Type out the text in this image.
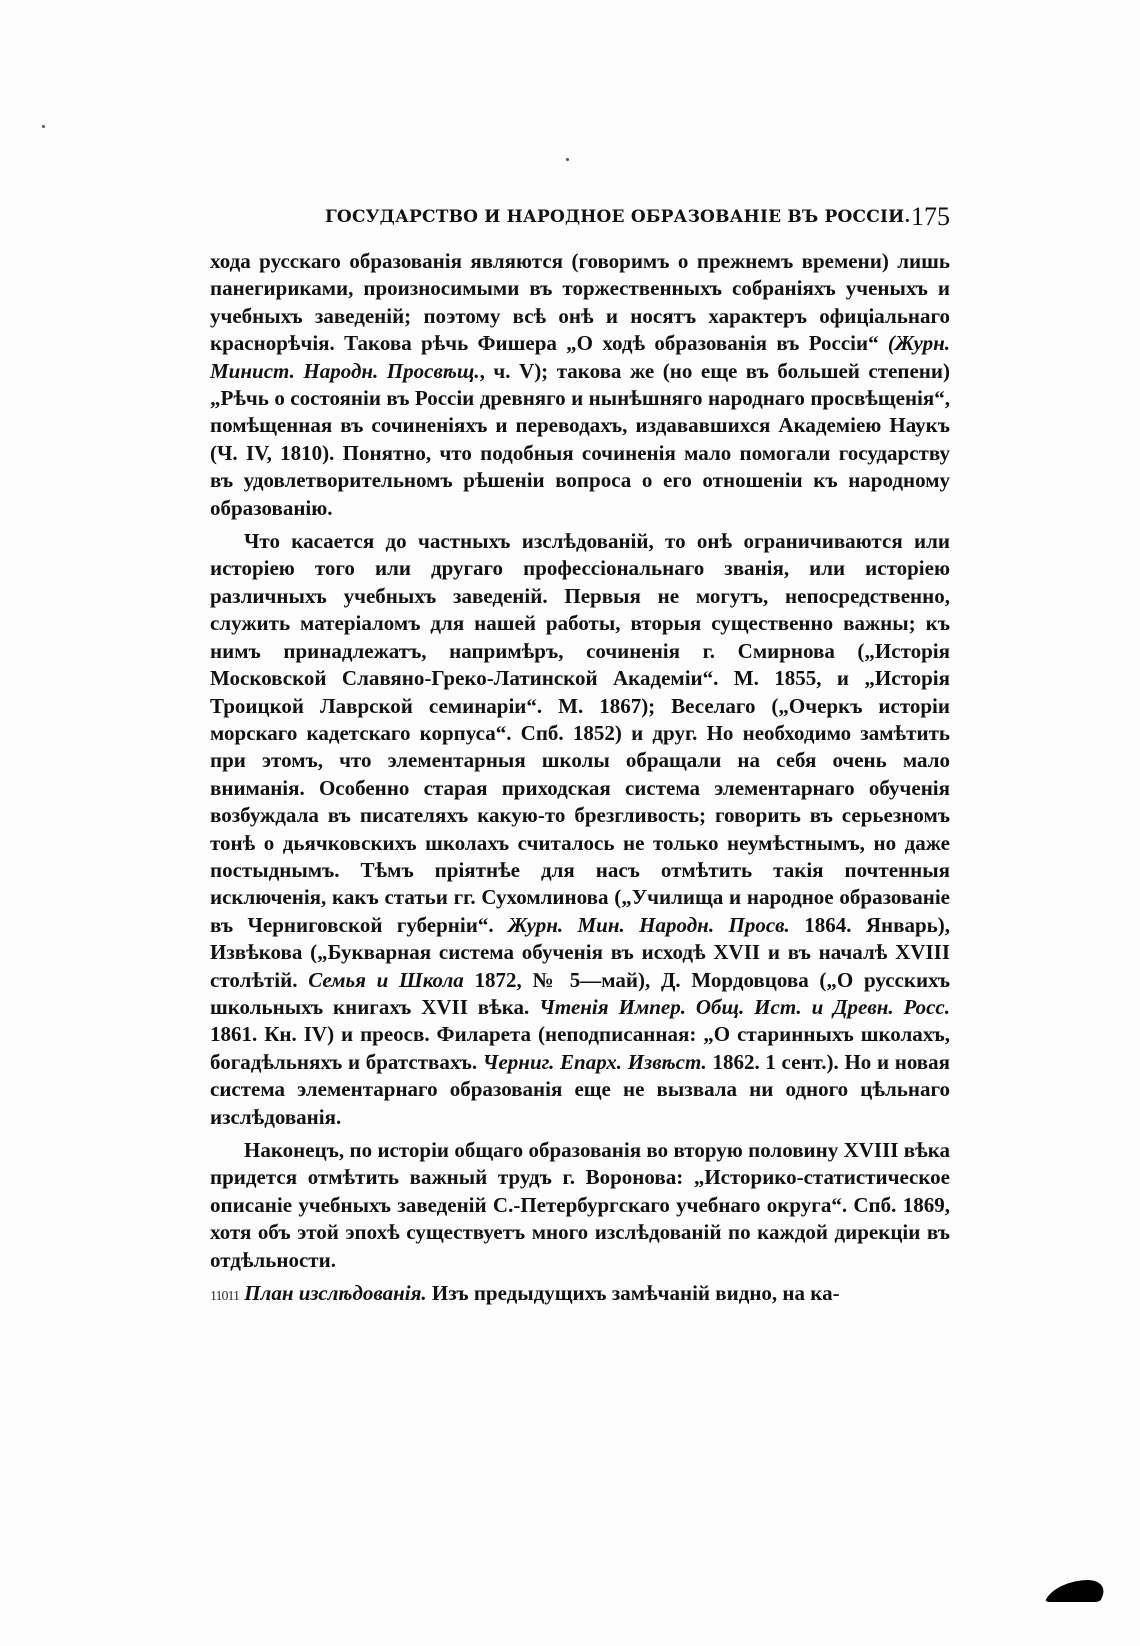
ГОСУДАРСТВО И НАРОДНОЕ ОБРАЗОВАНІЕ ВЪ РОССІИ. 175

хода русскаго образованія являются (говоримъ о прежнемъ времени) лишь панегириками, произносимыми въ торжественныхъ собраніяхъ ученыхъ и учебныхъ заведеній; поэтому всѣ онѣ и носятъ характеръ офиціальнаго краснорѣчія. Такова рѣчь Фишера „О ходѣ образованія въ Россіи“ (Журн. Минист. Народн. Просвѣщ., ч. V); такова же (но еще въ большей степени) „Рѣчь о состояніи въ Россіи древняго и нынѣшняго народнаго просвѣщенія“, помѣщенная въ сочиненіяхъ и переводахъ, издававшихся Академіею Наукъ (Ч. IV, 1810). Понятно, что подобныя сочиненія мало помогали государству въ удовлетворительномъ рѣшеніи вопроса о его отношеніи къ народному образованію.

Что касается до частныхъ изслѣдованій, то онѣ ограничиваются или исторіею того или другаго профессіональнаго званія, или исторіею различныхъ учебныхъ заведеній. Первыя не могутъ, непосредственно, служить матеріаломъ для нашей работы, вторыя существенно важны; къ нимъ принадлежатъ, напримѣръ, сочиненія г. Смирнова („Исторія Московской Славяно-Греко-Латинской Академіи“. М. 1855, и „Исторія Троицкой Лаврской семинаріи“. М. 1867); Веселаго („Очеркъ исторіи морскаго кадетскаго корпуса“. Спб. 1852) и друг. Но необходимо замѣтить при этомъ, что элементарныя школы обращали на себя очень мало вниманія. Особенно старая приходская система элементарнаго обученія возбуждала въ писателяхъ какую-то брезгливость; говорить въ серьезномъ тонѣ о дьячковскихъ школахъ считалось не только неумѣстнымъ, но даже постыднымъ. Тѣмъ пріятнѣе для насъ отмѣтить такія почтенныя исключенія, какъ статьи гг. Сухомлинова („Училища и народное образованіе въ Черниговской губерніи“. Журн. Мин. Народн. Просв. 1864. Январь), Извѣкова („Букварная система обученія въ исходѣ XVII и въ началѣ XVIII столѣтій. Семья и Школа 1872, № 5—май), Д. Мордовцова („О русскихъ школьныхъ книгахъ XVII вѣка. Чтенія Импер. Общ. Ист. и Древн. Росс. 1861. Кн. IV) и преосв. Филарета (неподписанная: „О старинныхъ школахъ, богадѣльняхъ и братствахъ. Черниг. Епарх. Извѣст. 1862. 1 сент.). Но и новая система элементарнаго образованія еще не вызвала ни одного цѣльнаго изслѣдованія.

Наконецъ, по исторіи общаго образованія во вторую половину XVIII вѣка придется отмѣтить важный трудъ г. Воронова: „Историко-статистическое описаніе учебныхъ заведеній С.-Петербургскаго учебнаго округа“. Спб. 1869, хотя объ этой эпохѣ существуетъ много изслѣдованій по каждой дирекціи въ отдѣльности.

11011 План изслѣдованія. Изъ предыдущихъ замѣчаній видно, на ка-
